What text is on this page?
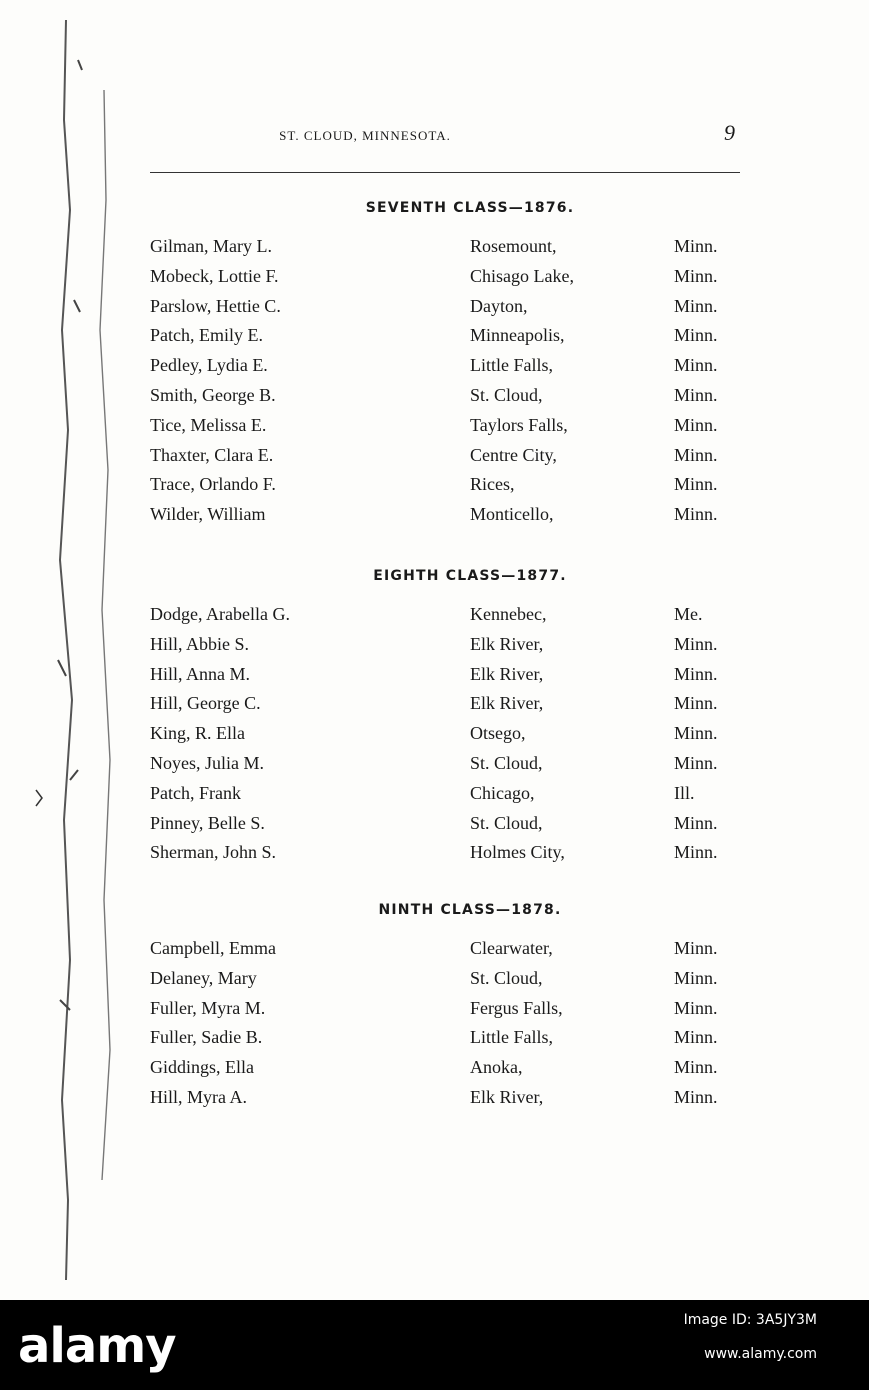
ST. CLOUD, MINNESOTA.	9
SEVENTH CLASS—1876.
Gilman, Mary L.	Rosemount,	Minn.
Mobeck, Lottie F.	Chisago Lake,	Minn.
Parslow, Hettie C.	Dayton,	Minn.
Patch, Emily E.	Minneapolis,	Minn.
Pedley, Lydia E.	Little Falls,	Minn.
Smith, George B.	St. Cloud,	Minn.
Tice, Melissa E.	Taylors Falls,	Minn.
Thaxter, Clara E.	Centre City,	Minn.
Trace, Orlando F.	Rices,	Minn.
Wilder, William	Monticello,	Minn.
EIGHTH CLASS—1877.
Dodge, Arabella G.	Kennebec,	Me.
Hill, Abbie S.	Elk River,	Minn.
Hill, Anna M.	Elk River,	Minn.
Hill, George C.	Elk River,	Minn.
King, R. Ella	Otsego,	Minn.
Noyes, Julia M.	St. Cloud,	Minn.
Patch, Frank	Chicago,	Ill.
Pinney, Belle S.	St. Cloud,	Minn.
Sherman, John S.	Holmes City,	Minn.
NINTH CLASS—1878.
Campbell, Emma	Clearwater,	Minn.
Delaney, Mary	St. Cloud,	Minn.
Fuller, Myra M.	Fergus Falls,	Minn.
Fuller, Sadie B.	Little Falls,	Minn.
Giddings, Ella	Anoka,	Minn.
Hill, Myra A.	Elk River,	Minn.
alamy	Image ID: 3A5JY3M
www.alamy.com
